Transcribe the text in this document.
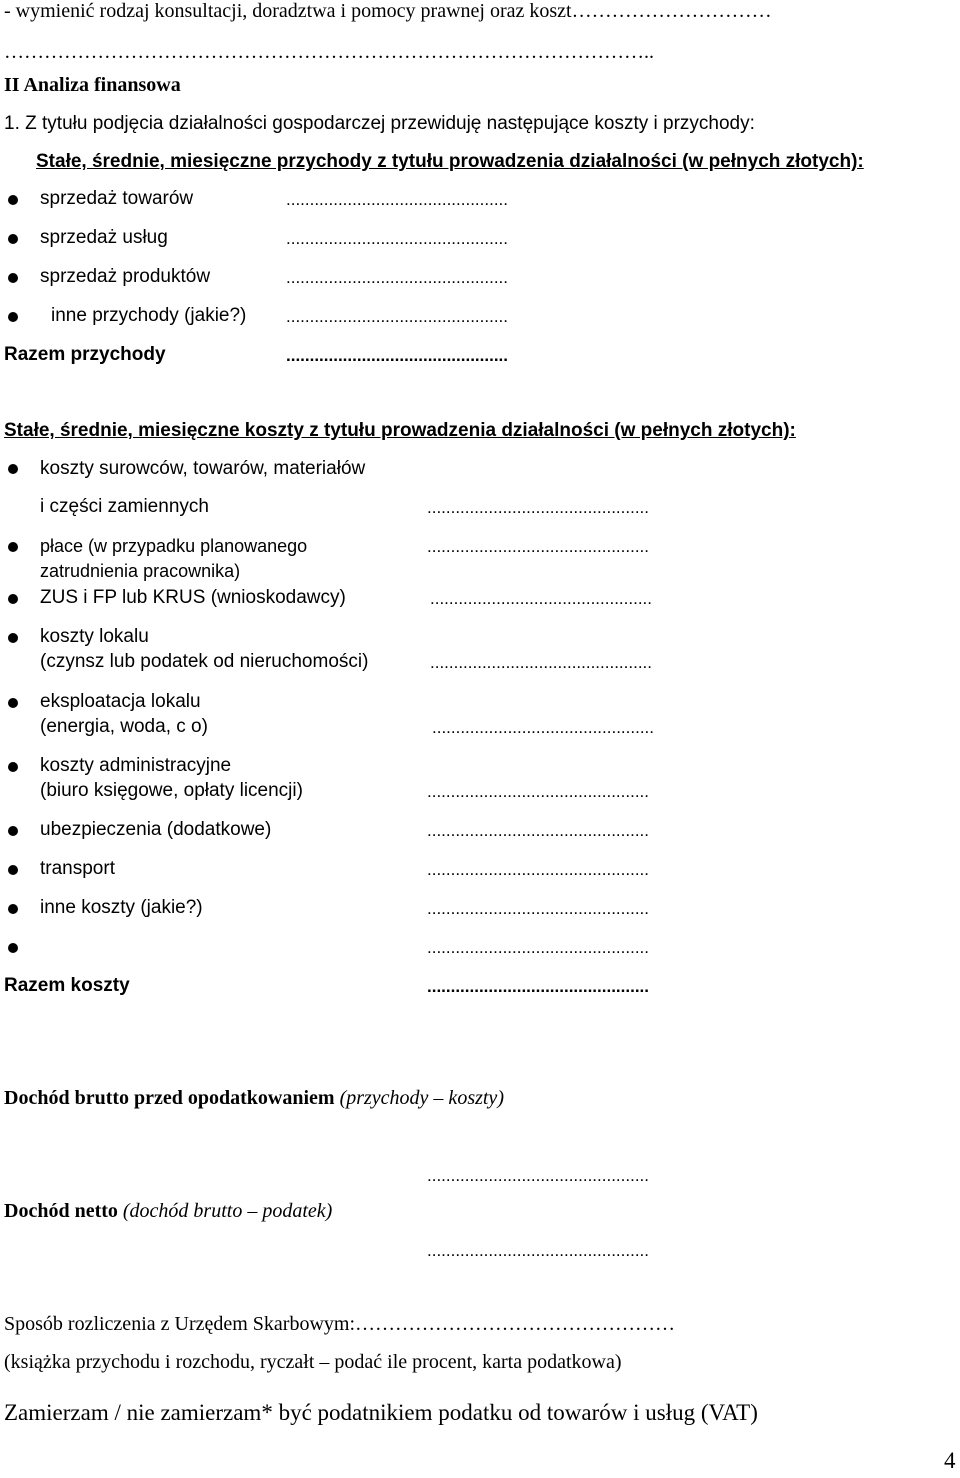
- wymienić rodzaj konsultacji, doradztwa i pomocy prawnej oraz koszt…………………………
……………………………………………………………………………………..
II Analiza finansowa
1. Z tytułu podjęcia działalności gospodarczej przewiduję następujące koszty i przychody:
Stałe, średnie, miesięczne przychody z tytułu prowadzenia działalności (w pełnych złotych):
sprzedaż towarów	...............................................
sprzedaż usług	...............................................
sprzedaż produktów	...............................................
inne przychody (jakie?) ...............................................
Razem przychody	...............................................
Stałe, średnie, miesięczne koszty z tytułu prowadzenia działalności (w pełnych złotych):
koszty surowców, towarów, materiałów
i części zamiennych	...............................................
płace (w przypadku planowanego
zatrudnienia pracownika)
...............................................
ZUS i FP lub KRUS (wnioskodawcy)	...............................................
koszty lokalu
(czynsz lub podatek od nieruchomości)	...............................................
eksploatacja lokalu
(energia, woda, c o)	...............................................
koszty administracyjne
(biuro księgowe, opłaty licencji)	...............................................
ubezpieczenia (dodatkowe)	...............................................
transport	...............................................
inne koszty (jakie?)	...............................................
...............................................
Razem koszty	...............................................
Dochód brutto przed opodatkowaniem (przychody – koszty)
...............................................
Dochód netto (dochód brutto – podatek)
...............................................
Sposób rozliczenia z Urzędem Skarbowym:…………………………………………
(książka przychodu i rozchodu, ryczałt – podać ile procent, karta podatkowa)
Zamierzam / nie zamierzam* być podatnikiem podatku od towarów i usług (VAT)
4
